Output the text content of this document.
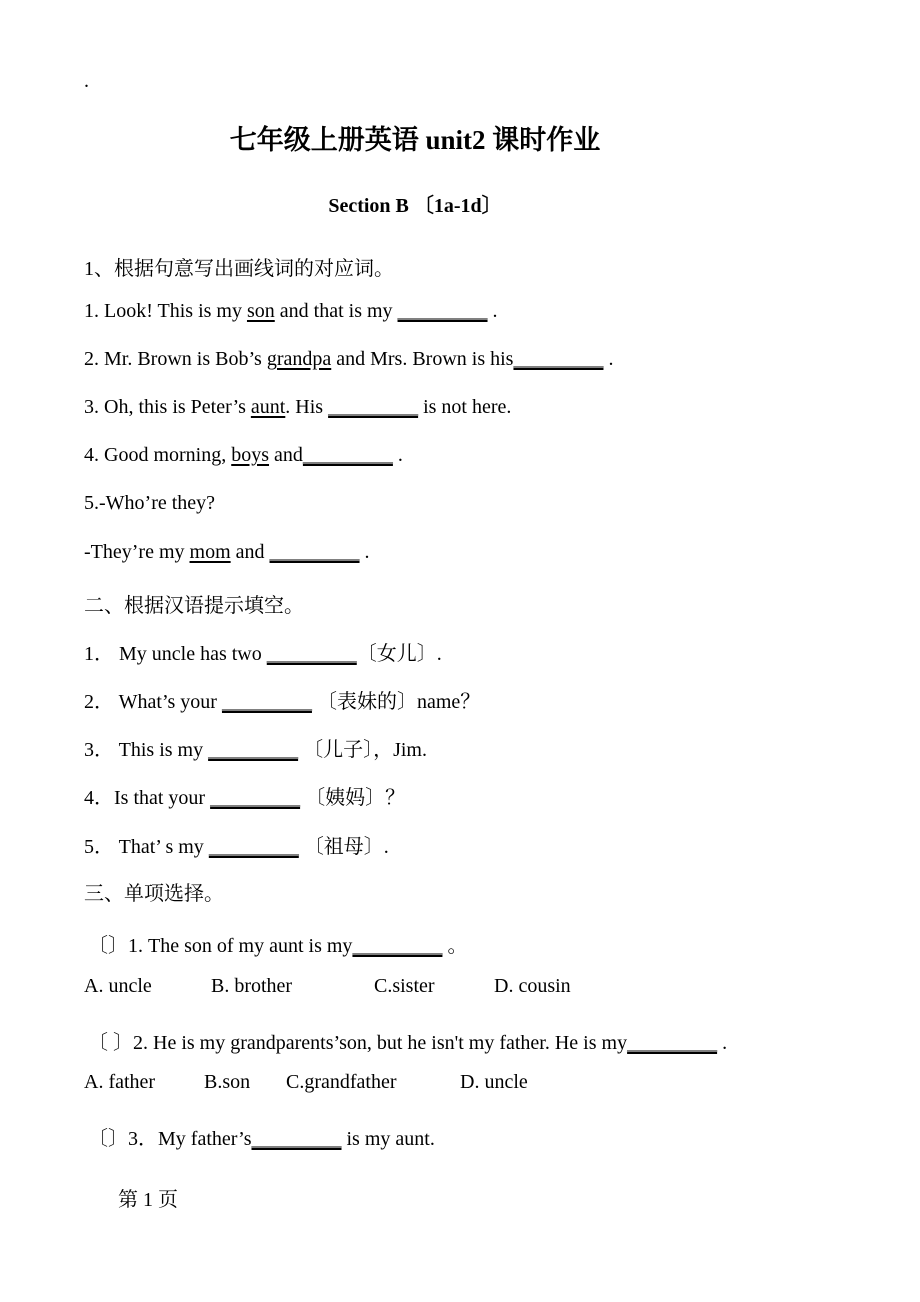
.
七年级上册英语 unit2 课时作业
Section B 〔1a-1d〕
1、根据句意写出画线词的对应词。
1. Look! This is my son and that is my _________ .
2. Mr. Brown is Bob’s grandpa and Mrs. Brown is his_________ .
3. Oh, this is Peter’s aunt. His _________ is not here.
4. Good morning, boys and_________ .
5.-Who’re they?
-They’re my mom and _________ .
二、根据汉语提示填空。
1． My uncle has two _________〔女儿〕.
2． What’s your _________ 〔表妹的〕name？
3． This is my _________ 〔儿子〕，Jim.
4．Is that your _________ 〔姨妈〕？
5． That’ s my _________ 〔祖母〕.
三、单项选择。
〔〕1. The son of my aunt is my_________ 。
A. uncle	B. brother	C.sister	D. cousin
〔 〕2. He is my grandparents’son, but he isn't my father. He is my_________ .
A. father B.son C.grandfather	D. uncle
〔〕3．My father’s_________ is my aunt.
第 1 页
